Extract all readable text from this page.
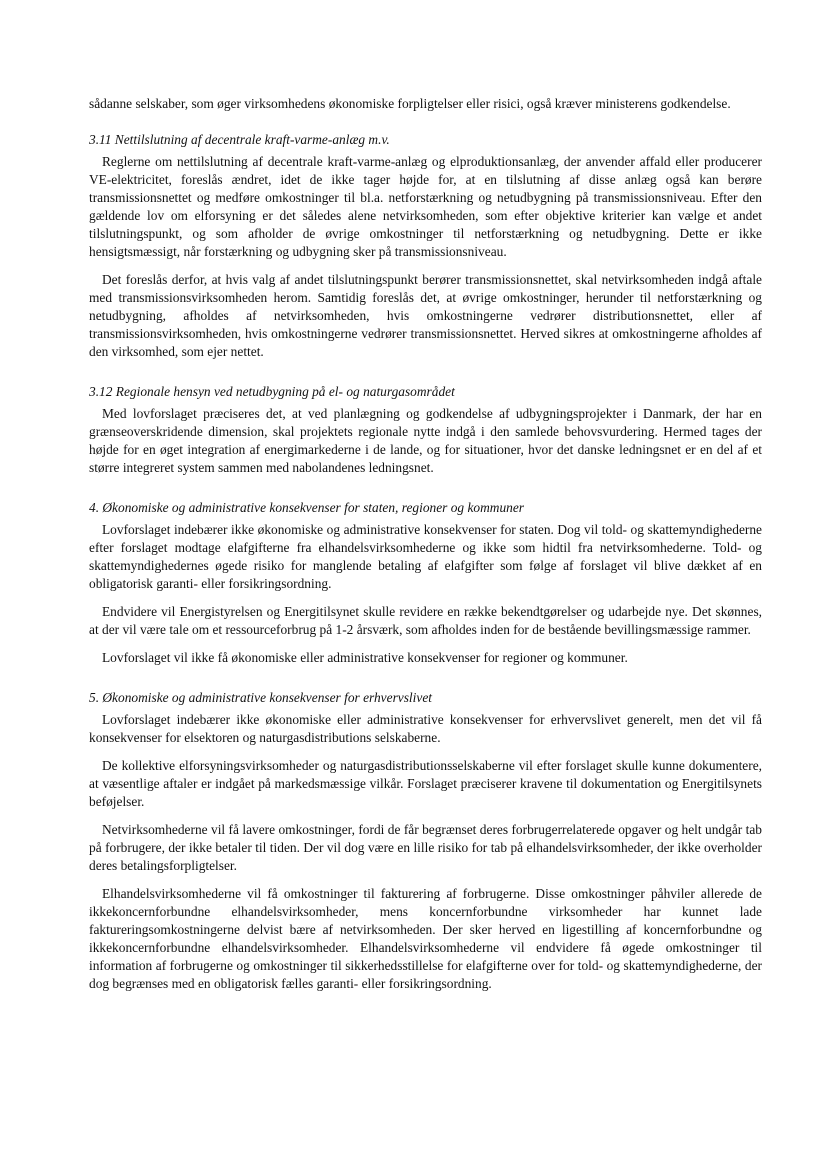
sådanne selskaber, som øger virksomhedens økonomiske forpligtelser eller risici, også kræver ministerens godkendelse.

3.11 Nettilslutning af decentrale kraft-varme-anlæg m.v.

Reglerne om nettilslutning af decentrale kraft-varme-anlæg og elproduktionsanlæg, der anvender affald eller producerer VE-elektricitet, foreslås ændret, idet de ikke tager højde for, at en tilslutning af disse anlæg også kan berøre transmissionsnettet og medføre omkostninger til bl.a. netforstærkning og netudbygning på transmissionsniveau. Efter den gældende lov om elforsyning er det således alene netvirksomheden, som efter objektive kriterier kan vælge et andet tilslutningspunkt, og som afholder de øvrige omkostninger til netforstærkning og netudbygning. Dette er ikke hensigtsmæssigt, når forstærkning og udbygning sker på transmissionsniveau.

Det foreslås derfor, at hvis valg af andet tilslutningspunkt berører transmissionsnettet, skal netvirksomheden indgå aftale med transmissionsvirksomheden herom. Samtidig foreslås det, at øvrige omkostninger, herunder til netforstærkning og netudbygning, afholdes af netvirksomheden, hvis omkostningerne vedrører distributionsnettet, eller af transmissionsvirksomheden, hvis omkostningerne vedrører transmissionsnettet. Herved sikres at omkostningerne afholdes af den virksomhed, som ejer nettet.

3.12 Regionale hensyn ved netudbygning på el- og naturgasområdet

Med lovforslaget præciseres det, at ved planlægning og godkendelse af udbygningsprojekter i Danmark, der har en grænseoverskridende dimension, skal projektets regionale nytte indgå i den samlede behovsvurdering. Hermed tages der højde for en øget integration af energimarkederne i de lande, og for situationer, hvor det danske ledningsnet er en del af et større integreret system sammen med nabolandenes ledningsnet.

4. Økonomiske og administrative konsekvenser for staten, regioner og kommuner

Lovforslaget indebærer ikke økonomiske og administrative konsekvenser for staten. Dog vil told- og skattemyndighederne efter forslaget modtage elafgifterne fra elhandelsvirksomhederne og ikke som hidtil fra netvirksomhederne. Told- og skattemyndighedernes øgede risiko for manglende betaling af elafgifter som følge af forslaget vil blive dækket af en obligatorisk garanti- eller forsikringsordning.

Endvidere vil Energistyrelsen og Energitilsynet skulle revidere en række bekendtgørelser og udarbejde nye. Det skønnes, at der vil være tale om et ressourceforbrug på 1-2 årsværk, som afholdes inden for de bestående bevillingsmæssige rammer.

Lovforslaget vil ikke få økonomiske eller administrative konsekvenser for regioner og kommuner.

5. Økonomiske og administrative konsekvenser for erhvervslivet

Lovforslaget indebærer ikke økonomiske eller administrative konsekvenser for erhvervslivet generelt, men det vil få konsekvenser for elsektoren og naturgasdistributions selskaberne.

De kollektive elforsyningsvirksomheder og naturgasdistributionsselskaberne vil efter forslaget skulle kunne dokumentere, at væsentlige aftaler er indgået på markedsmæssige vilkår. Forslaget præciserer kravene til dokumentation og Energitilsynets beføjelser.

Netvirksomhederne vil få lavere omkostninger, fordi de får begrænset deres forbrugerrelaterede opgaver og helt undgår tab på forbrugere, der ikke betaler til tiden. Der vil dog være en lille risiko for tab på elhandelsvirksomheder, der ikke overholder deres betalingsforpligtelser.

Elhandelsvirksomhederne vil få omkostninger til fakturering af forbrugerne. Disse omkostninger påhviler allerede de ikkekoncernforbundne elhandelsvirksomheder, mens koncernforbundne virksomheder har kunnet lade faktureringsomkostningerne delvist bære af netvirksomheden. Der sker herved en ligestilling af koncernforbundne og ikkekoncernforbundne elhandelsvirksomheder. Elhandelsvirksomhederne vil endvidere få øgede omkostninger til information af forbrugerne og omkostninger til sikkerhedsstillelse for elafgifterne over for told- og skattemyndighederne, der dog begrænses med en obligatorisk fælles garanti- eller forsikringsordning.
